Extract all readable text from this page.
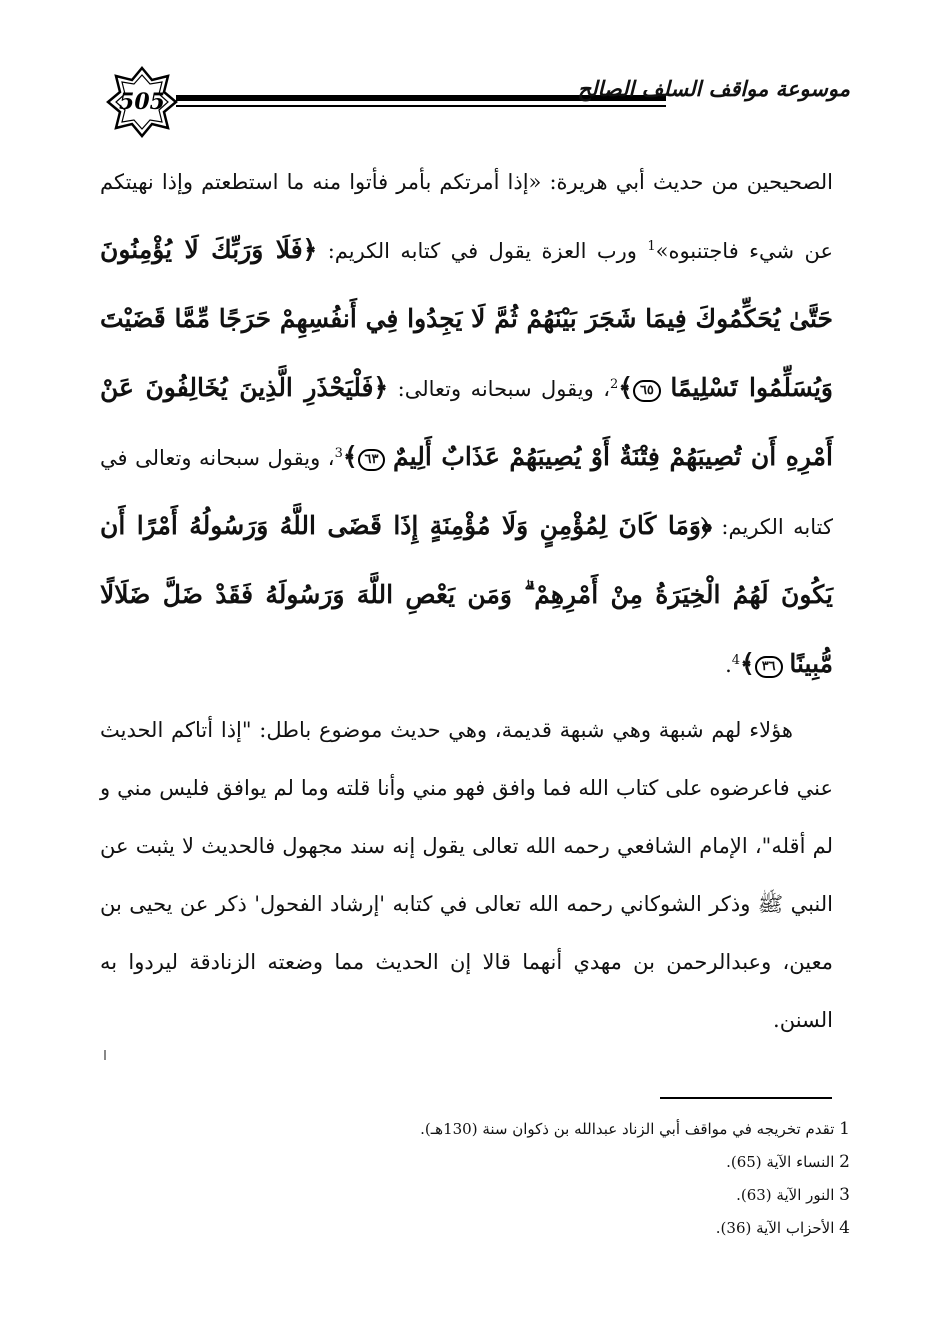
505
موسوعة مواقف السلف الصالح

الصحيحين من حديث أبي هريرة: «إذا أمرتكم بأمر فأتوا منه ما استطعتم وإذا نهيتكم عن شيء فاجتنبوه»$^1$ ورب العزة يقول في كتابه الكريم: ﴿فَلَا وَرَبِّكَ لَا يُؤْمِنُونَ حَتَّىٰ يُحَكِّمُوكَ فِيمَا شَجَرَ بَيْنَهُمْ ثُمَّ لَا يَجِدُوا فِي أَنفُسِهِمْ حَرَجًا مِّمَّا قَضَيْتَ وَيُسَلِّمُوا تَسْلِيمًا ٦٥﴾$^2$، ويقول سبحانه وتعالى: ﴿فَلْيَحْذَرِ الَّذِينَ يُخَالِفُونَ عَنْ أَمْرِهِ أَن تُصِيبَهُمْ فِتْنَةٌ أَوْ يُصِيبَهُمْ عَذَابٌ أَلِيمٌ ٦٣﴾$^3$، ويقول سبحانه وتعالى في كتابه الكريم: ﴿وَمَا كَانَ لِمُؤْمِنٍ وَلَا مُؤْمِنَةٍ إِذَا قَضَى اللَّهُ وَرَسُولُهُ أَمْرًا أَن يَكُونَ لَهُمُ الْخِيَرَةُ مِنْ أَمْرِهِمْ ۗ وَمَن يَعْصِ اللَّهَ وَرَسُولَهُ فَقَدْ ضَلَّ ضَلَالًا مُّبِينًا ٣٦﴾$^4$.

هؤلاء لهم شبهة وهي شبهة قديمة، وهي حديث موضوع باطل: "إذا أتاكم الحديث عني فاعرضوه على كتاب الله فما وافق فهو مني وأنا قلته وما لم يوافق فليس مني و لم أقله"، الإمام الشافعي رحمه الله تعالى يقول إنه سند مجهول فالحديث لا يثبت عن النبي ﷺ وذكر الشوكاني رحمه الله تعالى في كتابه 'إرشاد الفحول' ذكر عن يحيى بن معين، وعبدالرحمن بن مهدي أنهما قالا إن الحديث مما وضعته الزنادقة ليردوا به السنن.

1 تقدم تخريجه في مواقف أبي الزناد عبدالله بن ذكوان سنة (130هـ).
2 النساء الآية (65).
3 النور الآية (63).
4 الأحزاب الآية (36).
